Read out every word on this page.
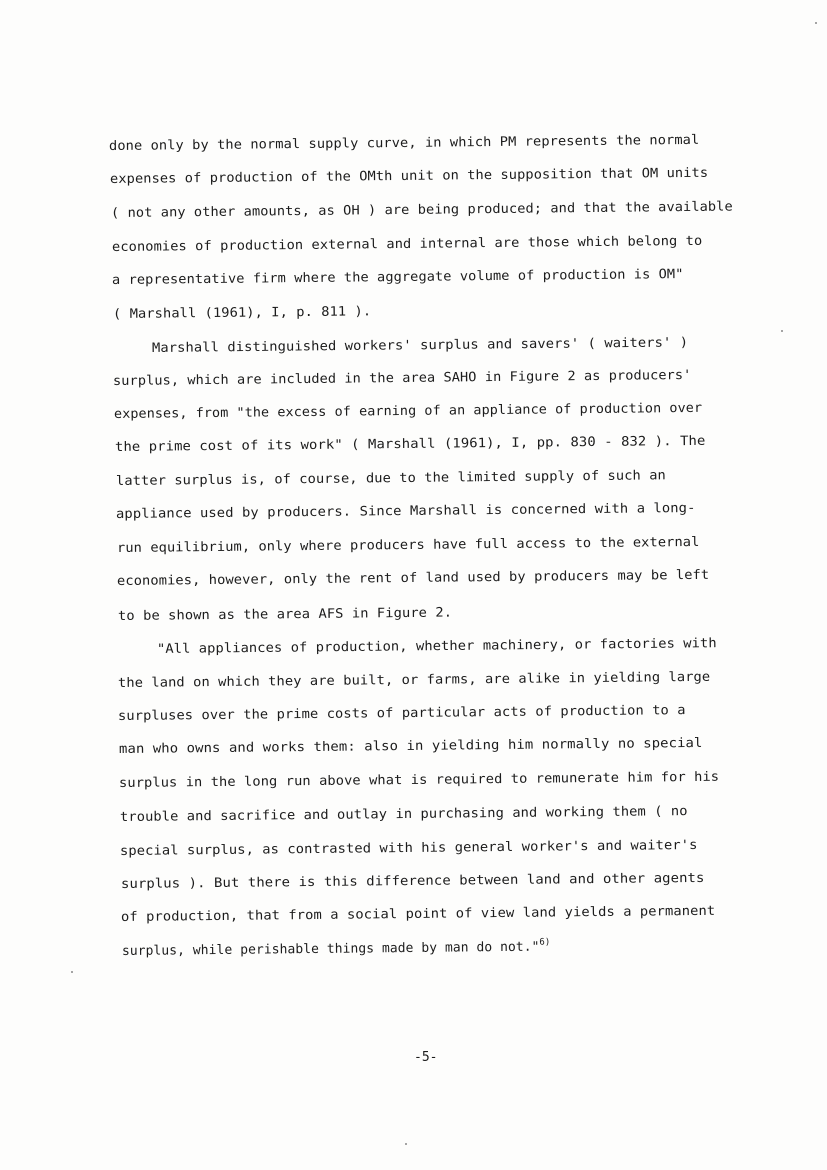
done only by the normal supply curve, in which PM represents the normal
expenses of production of the OMth unit on the supposition that OM units
( not any other amounts, as OH ) are being produced; and that the available
economies of production external and internal are those which belong to
a representative firm where the aggregate volume of production is OM"
( Marshall (1961), I, p. 811 ).
Marshall distinguished workers' surplus and savers' ( waiters' )
surplus, which are included in the area SAHO in Figure 2 as producers'
expenses, from "the excess of earning of an appliance of production over
the prime cost of its work" ( Marshall (1961), I, pp. 830 - 832 ). The
latter surplus is, of course, due to the limited supply of such an
appliance used by producers. Since Marshall is concerned with a long-
run equilibrium, only where producers have full access to the external
economies, however, only the rent of land used by producers may be left
to be shown as the area AFS in Figure 2.
"All appliances of production, whether machinery, or factories with
the land on which they are built, or farms, are alike in yielding large
surpluses over the prime costs of particular acts of production to a
man who owns and works them: also in yielding him normally no special
surplus in the long run above what is required to remunerate him for his
trouble and sacrifice and outlay in purchasing and working them ( no
special surplus, as contrasted with his general worker's and waiter's
surplus ). But there is this difference between land and other agents
of production, that from a social point of view land yields a permanent
surplus, while perishable things made by man do not."$^{6)}$
-5-
